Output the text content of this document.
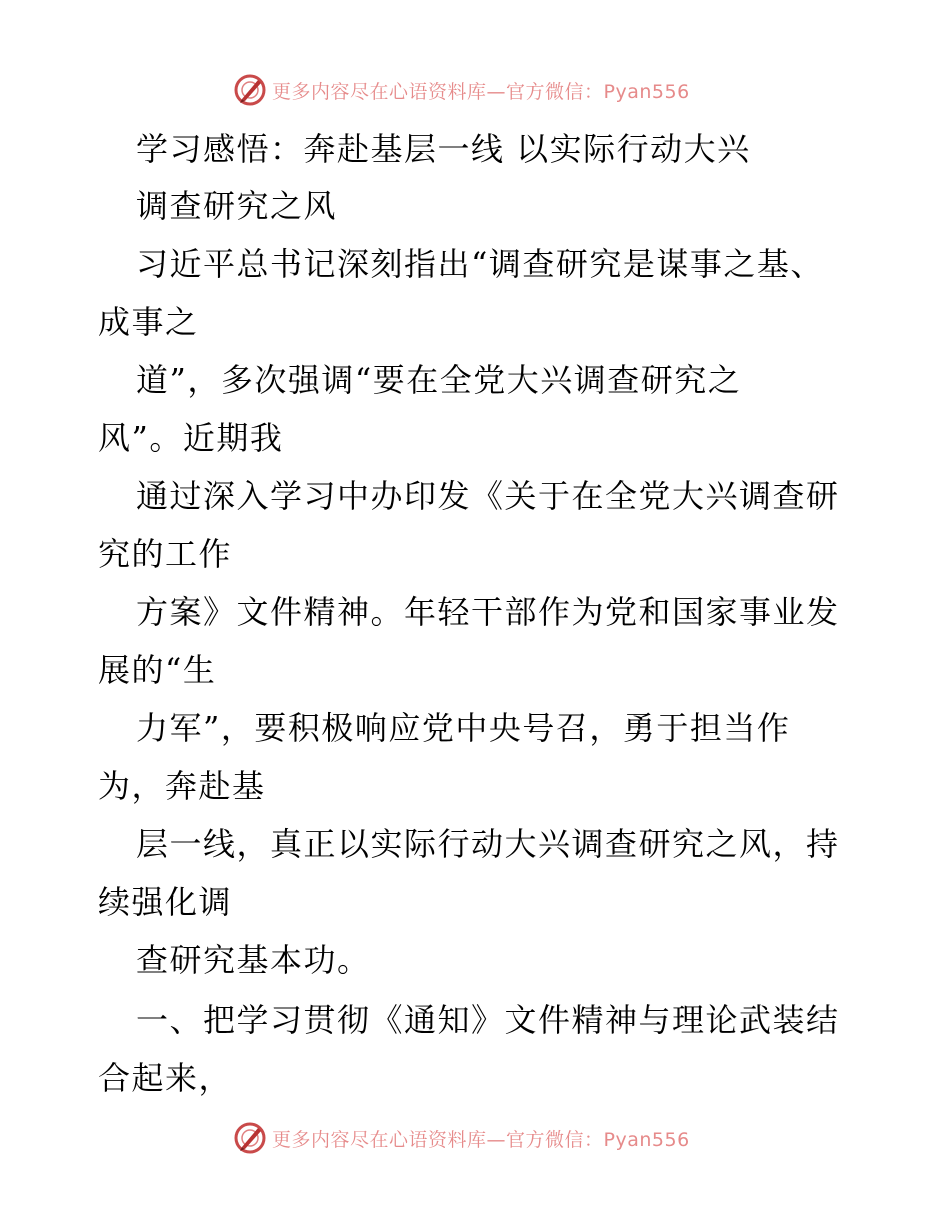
更多内容尽在心语资料库—官方微信：Pyan556
学习感悟：奔赴基层一线 以实际行动大兴
调查研究之风
习近平总书记深刻指出“调查研究是谋事之基、
成事之
道”，多次强调“要在全党大兴调查研究之
风”。近期我
通过深入学习中办印发《关于在全党大兴调查研
究的工作
方案》文件精神。年轻干部作为党和国家事业发
展的“生
力军”，要积极响应党中央号召，勇于担当作
为，奔赴基
层一线，真正以实际行动大兴调查研究之风，持
续强化调
查研究基本功。
一、把学习贯彻《通知》文件精神与理论武装结
合起来，
更多内容尽在心语资料库—官方微信：Pyan556
